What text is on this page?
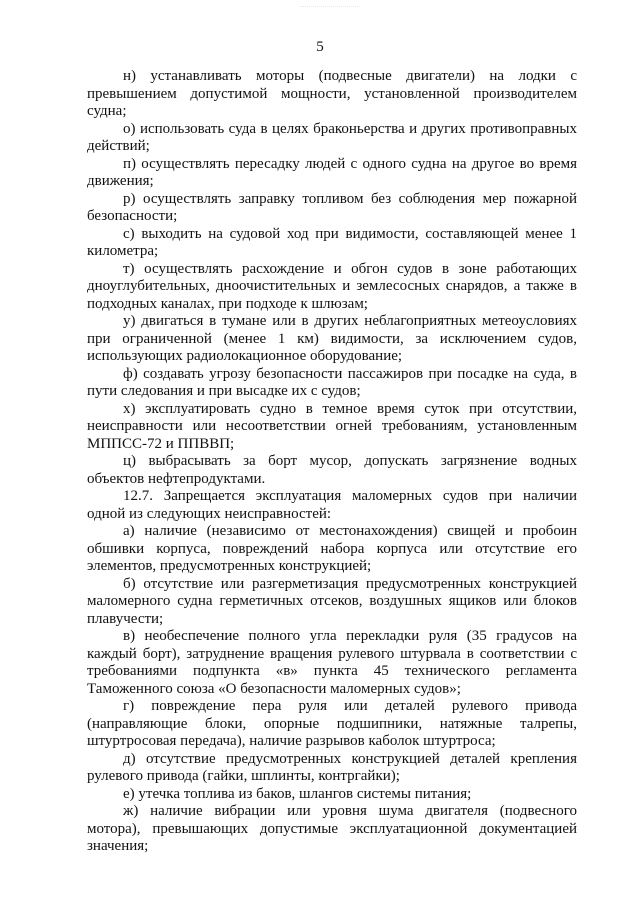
5

н) устанавливать моторы (подвесные двигатели) на лодки с превышением допустимой мощности, установленной производителем судна;

о) использовать суда в целях браконьерства и других противоправных действий;

п) осуществлять пересадку людей с одного судна на другое во время движения;

р) осуществлять заправку топливом без соблюдения мер пожарной безопасности;

с) выходить на судовой ход при видимости, составляющей менее 1 километра;

т) осуществлять расхождение и обгон судов в зоне работающих дноуглубительных, дноочистительных и землесосных снарядов, а также в подходных каналах, при подходе к шлюзам;

у) двигаться в тумане или в других неблагоприятных метеоусловиях при ограниченной (менее 1 км) видимости, за исключением судов, использующих радиолокационное оборудование;

ф) создавать угрозу безопасности пассажиров при посадке на суда, в пути следования и при высадке их с судов;

х) эксплуатировать судно в темное время суток при отсутствии, неисправности или несоответствии огней требованиям, установленным МППСС-72 и ППВВП;

ц) выбрасывать за борт мусор, допускать загрязнение водных объектов нефтепродуктами.

12.7. Запрещается эксплуатация маломерных судов при наличии одной из следующих неисправностей:

а) наличие (независимо от местонахождения) свищей и пробоин обшивки корпуса, повреждений набора корпуса или отсутствие его элементов, предусмотренных конструкцией;

б) отсутствие или разгерметизация предусмотренных конструкцией маломерного судна герметичных отсеков, воздушных ящиков или блоков плавучести;

в) необеспечение полного угла перекладки руля (35 градусов на каждый борт), затруднение вращения рулевого штурвала в соответствии с требованиями подпункта «в» пункта 45 технического регламента Таможенного союза «О безопасности маломерных судов»;

г) повреждение пера руля или деталей рулевого привода (направляющие блоки, опорные подшипники, натяжные талрепы, штуртросовая передача), наличие разрывов каболок штуртроса;

д) отсутствие предусмотренных конструкцией деталей крепления рулевого привода (гайки, шплинты, контргайки);

е) утечка топлива из баков, шлангов системы питания;

ж) наличие вибрации или уровня шума двигателя (подвесного мотора), превышающих допустимые эксплуатационной документацией значения;
